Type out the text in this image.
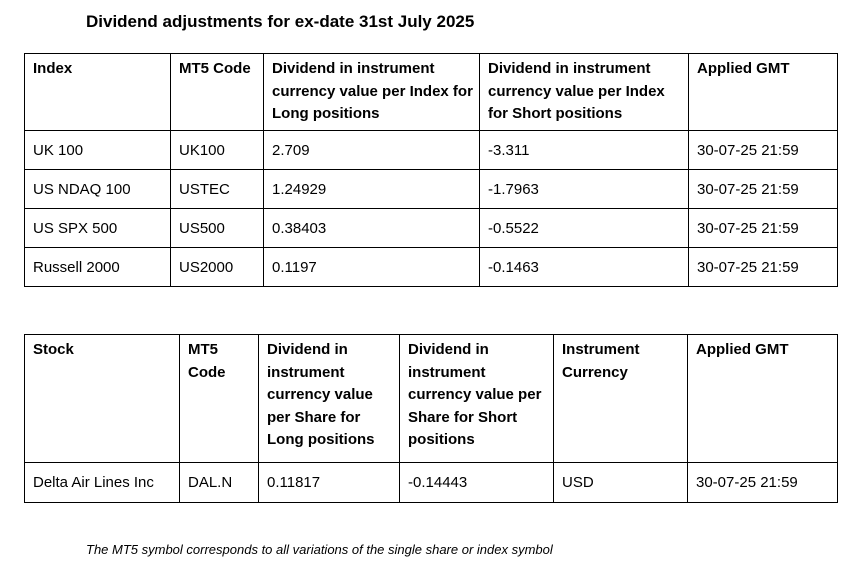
Dividend adjustments for ex-date 31st July 2025
Index	MT5 Code	Dividend in instrument currency value per Index for Long positions	Dividend in instrument currency value per Index for Short positions	Applied GMT
UK 100	UK100	2.709	-3.311	30-07-25 21:59
US NDAQ 100	USTEC	1.24929	-1.7963	30-07-25 21:59
US SPX 500	US500	0.38403	-0.5522	30-07-25 21:59
Russell 2000	US2000	0.1197	-0.1463	30-07-25 21:59
Stock	MT5 Code	Dividend in instrument currency value per Share for Long positions	Dividend in instrument currency value per Share for Short positions	Instrument Currency	Applied GMT
Delta Air Lines Inc	DAL.N	0.11817	-0.14443	USD	30-07-25 21:59
The MT5 symbol corresponds to all variations of the single share or index symbol
